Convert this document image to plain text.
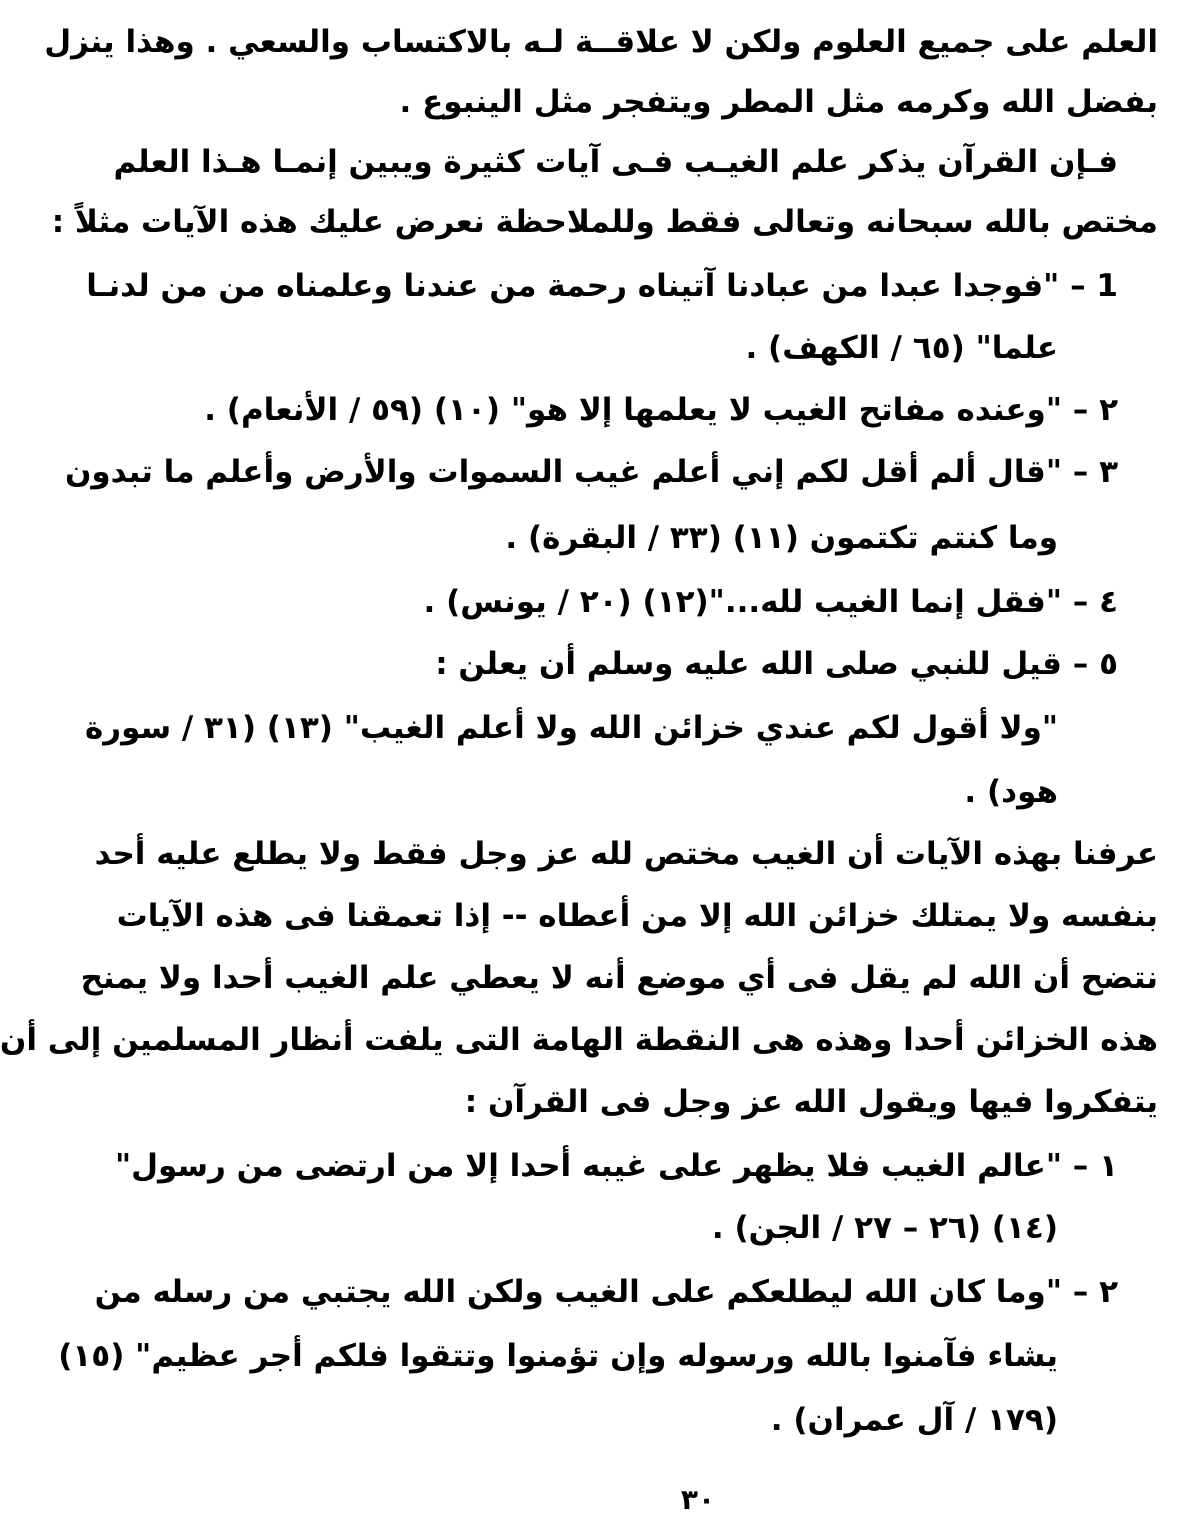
العلم على جميع العلوم ولكن لا علاقــة لـه بالاكتساب والسعي . وهذا ينزل
بفضل الله وكرمه مثل المطر ويتفجر مثل الينبوع .
فـإن القرآن يذكر علم الغيـب فـى آيات كثيرة ويبين إنمـا هـذا العلم
مختص بالله سبحانه وتعالى فقط وللملاحظة نعرض عليك هذه الآيات مثلاً :
1 – "فوجدا عبدا من عبادنا آتيناه رحمة من عندنا وعلمناه من من لدنـا
علما" (٦٥ / الكهف) .
٢ – "وعنده مفاتح الغيب لا يعلمها إلا هو" (١٠) (٥٩ / الأنعام) .
٣ – "قال ألم أقل لكم إني أعلم غيب السموات والأرض وأعلم ما تبدون
وما كنتم تكتمون (١١) (٣٣ / البقرة) .
٤ – "فقل إنما الغيب لله..."(١٢) (٢٠ / يونس) .
٥ – قيل للنبي صلى الله عليه وسلم أن يعلن :
"ولا أقول لكم عندي خزائن الله ولا أعلم الغيب" (١٣) (٣١ / سورة
هود) .
عرفنا بهذه الآيات أن الغيب مختص لله عز وجل فقط ولا يطلع عليه أحد
بنفسه ولا يمتلك خزائن الله إلا من أعطاه -- إذا تعمقنا فى هذه الآيات
نتضح أن الله لم يقل فى أي موضع أنه لا يعطي علم الغيب أحدا ولا يمنح
هذه الخزائن أحدا وهذه هى النقطة الهامة التى يلفت أنظار المسلمين إلى أن
يتفكروا فيها ويقول الله عز وجل فى القرآن :
١ – "عالم الغيب فلا يظهر على غيبه أحدا إلا من ارتضى من رسول"
(١٤) (٢٦ – ٢٧ / الجن) .
٢ – "وما كان الله ليطلعكم على الغيب ولكن الله يجتبي من رسله من
يشاء فآمنوا بالله ورسوله وإن تؤمنوا وتتقوا فلكم أجر عظيم" (١٥)
(١٧٩ / آل عمران) .
٣٠
